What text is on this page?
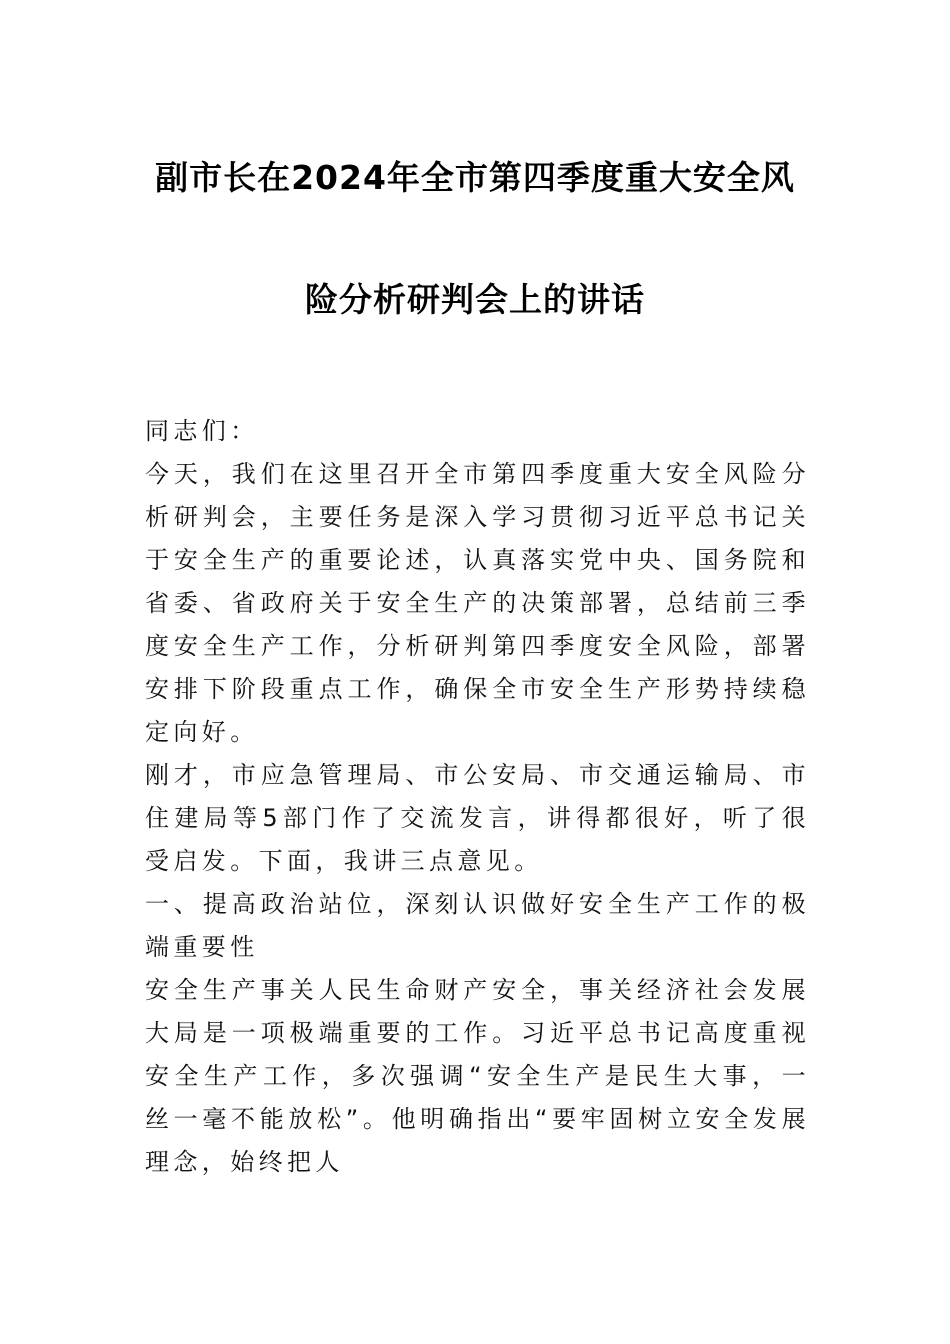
副市长在2024年全市第四季度重大安全风
险分析研判会上的讲话

同志们：

今天，我们在这里召开全市第四季度重大安全风险分析研判会，主要任务是深入学习贯彻习近平总书记关于安全生产的重要论述，认真落实党中央、国务院和省委、省政府关于安全生产的决策部署，总结前三季度安全生产工作，分析研判第四季度安全风险，部署安排下阶段重点工作，确保全市安全生产形势持续稳定向好。

刚才，市应急管理局、市公安局、市交通运输局、市住建局等5部门作了交流发言，讲得都很好，听了很受启发。下面，我讲三点意见。

一、提高政治站位，深刻认识做好安全生产工作的极端重要性

安全生产事关人民生命财产安全，事关经济社会发展大局是一项极端重要的工作。习近平总书记高度重视安全生产工作，多次强调“安全生产是民生大事，一丝一毫不能放松”。他明确指出“要牢固树立安全发展理念，始终把人
